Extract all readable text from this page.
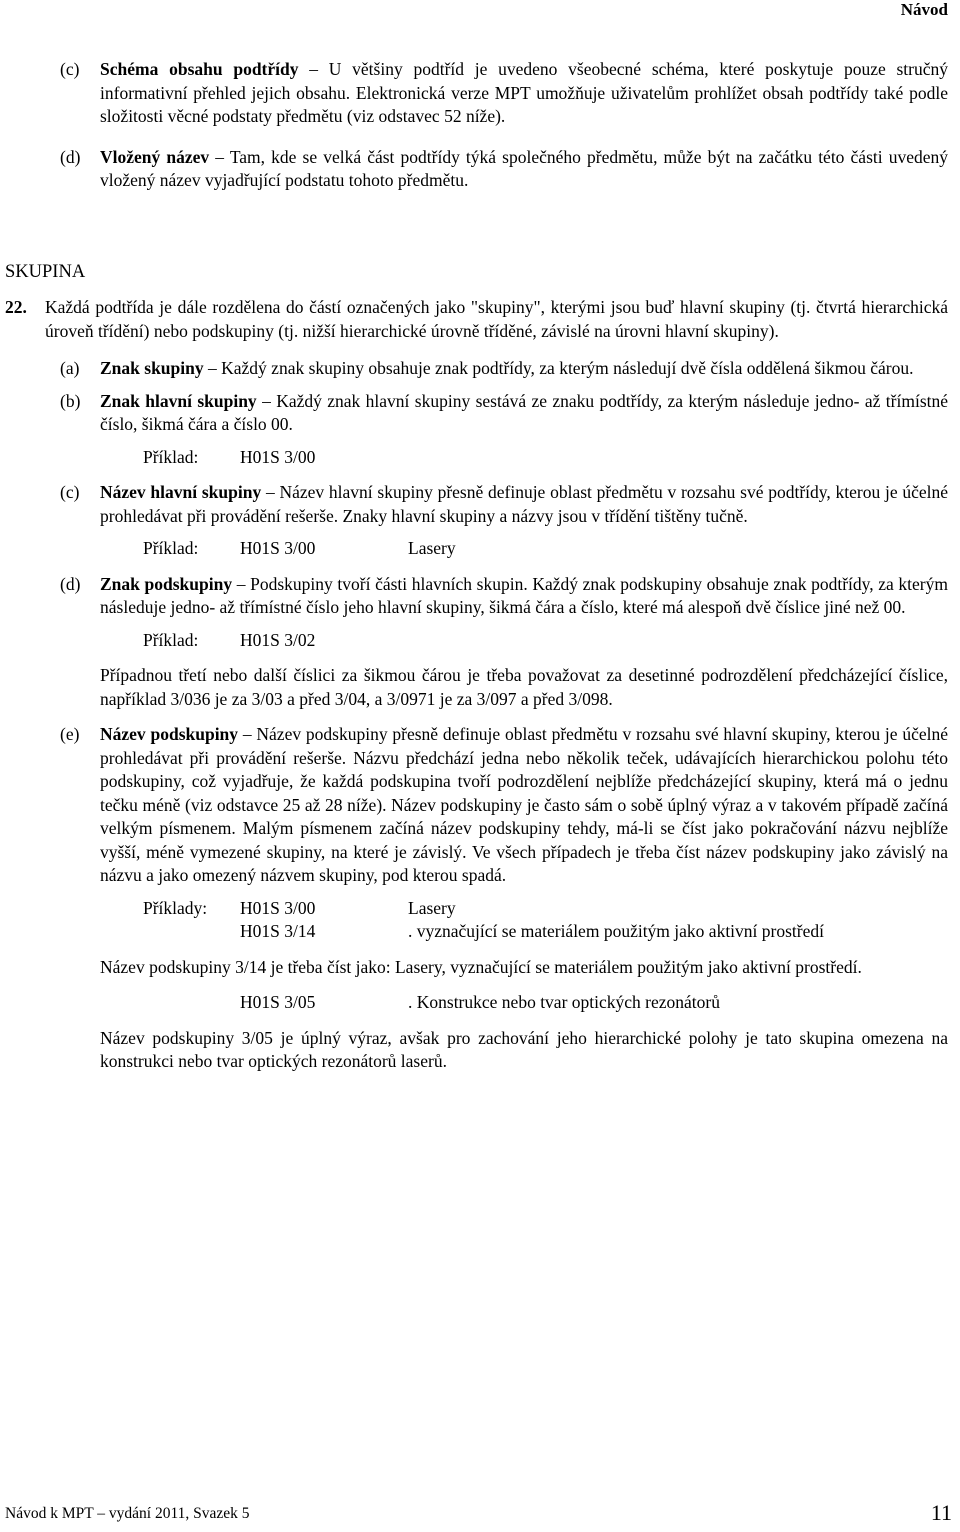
Návod
(c)	Schéma obsahu podtřídy – U většiny podtříd je uvedeno všeobecné schéma, které poskytuje pouze stručný informativní přehled jejich obsahu. Elektronická verze MPT umožňuje uživatelům prohlížet obsah podtřídy také podle složitosti věcné podstaty předmětu (viz odstavec 52 níže).
(d)	Vložený název – Tam, kde se velká část podtřídy týká společného předmětu, může být na začátku této části uvedený vložený název vyjadřující podstatu tohoto předmětu.
SKUPINA
22.	Každá podtřída je dále rozdělena do částí označených jako "skupiny", kterými jsou buď hlavní skupiny (tj. čtvrtá hierarchická úroveň třídění) nebo podskupiny (tj. nižší hierarchické úrovně tříděné, závislé na úrovni hlavní skupiny).
(a)	Znak skupiny – Každý znak skupiny obsahuje znak podtřídy, za kterým následují dvě čísla oddělená šikmou čárou.
(b)	Znak hlavní skupiny – Každý znak hlavní skupiny sestává ze znaku podtřídy, za kterým následuje jedno- až třímístné číslo, šikmá čára a číslo 00.
Příklad:	H01S 3/00
(c)	Název hlavní skupiny – Název hlavní skupiny přesně definuje oblast předmětu v rozsahu své podtřídy, kterou je účelné prohledávat při provádění rešerše. Znaky hlavní skupiny a názvy jsou v třídění tištěny tučně.
Příklad:	H01S 3/00	Lasery
(d)	Znak podskupiny – Podskupiny tvoří části hlavních skupin. Každý znak podskupiny obsahuje znak podtřídy, za kterým následuje jedno- až třímístné číslo jeho hlavní skupiny, šikmá čára a číslo, které má alespoň dvě číslice jiné než 00.
Příklad:	H01S 3/02
Případnou třetí nebo další číslici za šikmou čárou je třeba považovat za desetinné podrozdělení předcházející číslice, například 3/036 je za 3/03 a před 3/04, a 3/0971 je za 3/097 a před 3/098.
(e)	Název podskupiny – Název podskupiny přesně definuje oblast předmětu v rozsahu své hlavní skupiny, kterou je účelné prohledávat při provádění rešerše. Názvu předchází jedna nebo několik teček, udávajících hierarchickou polohu této podskupiny, což vyjadřuje, že každá podskupina tvoří podrozdělení nejblíže předcházející skupiny, která má o jednu tečku méně (viz odstavce 25 až 28 níže). Název podskupiny je často sám o sobě úplný výraz a v takovém případě začíná velkým písmenem. Malým písmenem začíná název podskupiny tehdy, má-li se číst jako pokračování názvu nejblíže vyšší, méně vymezené skupiny, na které je závislý. Ve všech případech je třeba číst název podskupiny jako závislý na názvu a jako omezený názvem skupiny, pod kterou spadá.
Příklady:	H01S 3/00	Lasery
H01S 3/14	. vyznačující se materiálem použitým jako aktivní prostředí
Název podskupiny 3/14 je třeba číst jako: Lasery, vyznačující se materiálem použitým jako aktivní prostředí.
H01S 3/05	. Konstrukce nebo tvar optických rezonátorů
Název podskupiny 3/05 je úplný výraz, avšak pro zachování jeho hierarchické polohy je tato skupina omezena na konstrukci nebo tvar optických rezonátorů laserů.
Návod k MPT – vydání 2011, Svazek 5	11
